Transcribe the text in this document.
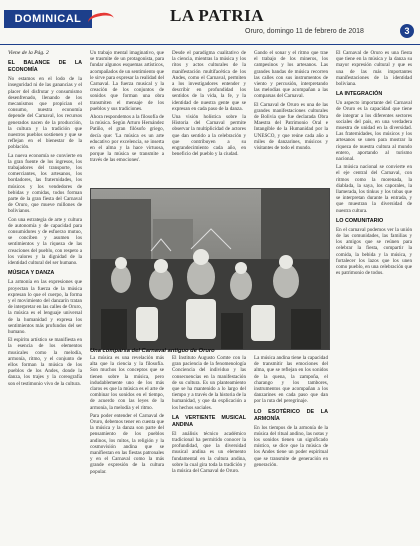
DOMINICAL	LA PATRIA
Oruro, domingo 11 de febrero de 2018	3

Viene de la Pág. 2

EL BALANCE DE LA ECONOMÍA

No estamos en el lodo de la inseguridad ni de las ganancias y el placer del disfrutar y consumismo desenfrenado, llenando de los mecanismos que propician el consumo, nuestra economía depende del Carnaval, los recursos generados nacen de la producción, la cultura y la tradición que nuestros pueblos sostienen y que se reflejan en el bienestar de la población.

La nueva economía se convierte en la gran fuente de los ingresos, los trabajadores del transporte, los comerciantes, los artesanos, los bordadores, las fraternidades, los músicos y los vendedores de bebidas y comidas, todos forman parte de la gran fiesta del Carnaval de Oruro, que mueve millones de bolivianos.

Con una estrategia de arte y cultura de autonomía y de capacidad para consumidores y de esfuerzo mutuo, se conciben y asumen los sentimientos y la riqueza de las creaciones del pueblo, con respeto a los valores y la dignidad de la identidad cultural del ser humano.

MÚSICA Y DANZA

La armonía en las expresiones que proyectan la fuerza de la música expresan lo que el cuerpo, la forma y el movimiento del danzarín tratan de interpretar en las calles de Oruro, la música es el lenguaje universal de la humanidad y expresa los sentimientos más profundos del ser humano.

El espíritu artístico se manifiesta en la esencia de los elementos musicales como la melodía, armonía, ritmo, y el conjunto de ellos forman la música de los pueblos de los Andes, donde la danza, los trajes y la coreografía son el testimonio vivo de la cultura.

Un trabajo mental imaginativo, que se trasmite de un protagonista, para fundar algunos esquemas artísticos, acompañados de un sentimiento que le sirve para expresar la realidad del Carnaval. La fuerza musical y la creación de los conjuntos de sonidos que forman una obra transmiten el mensaje de los pueblos y sus tradiciones.

Ahora respondemos a la filosofía de la música. Según Arturo Hernández Patiño, el gran filósofo griego, decía que: 'La música es un arte educativo por excelencia, se inserta en el alma y la hace virtuosa, porque la música se transmite a través de las emociones'.

Desde el paradigma cualitativo de la ciencia, mientras la música y los ritos y actos culturales de la manifestación multifacética de los Andes, como el Carnaval, permiten a los investigadores entender y describir en profundidad los sentidos de la vida, la fe, y la identidad de nuestra gente que se expresan en cada paso de la danza.

Una visión holística sobre la Historia del Carnaval permite observar la multiplicidad de actores que dan sentido a la celebración y que contribuyen a su engrandecimiento cada año, en beneficio del pueblo y la ciudad.

Gando el sonar y el ritmo que trae el trabajo de los mineros, los campesinos y los artesanos. Las grandes bandas de música recorren las calles con sus instrumentos de viento y percusión, interpretando las melodías que acompañan a las comparsas del Carnaval.

El Carnaval de Oruro es una de las grandes manifestaciones culturales de Bolivia que fue declarada Obra Maestra del Patrimonio Oral e Intangible de la Humanidad por la UNESCO, y que reúne cada año a miles de danzarines, músicos y visitantes de todo el mundo.

El Carnaval de Oruro es una fiesta que tiene en la música y la danza su mayor expresión cultural y que es una de las más importantes manifestaciones de la identidad boliviana.

LA INTEGRACIÓN

Un aspecto importante del Carnaval de Oruro es la capacidad que tiene de integrar a los diferentes sectores sociales del país, en una verdadera muestra de unidad en la diversidad. Las fraternidades, los músicos y los artesanos se unen para mostrar la riqueza de nuestra cultura al mundo entero, aportando al turismo nacional.

La música nacional se convierte en el eje central del Carnaval, con ritmos como la morenada, la diablada, la saya, los caporales, la llamerada, los tinkus y los tobas que se interpretan durante la entrada, y que muestran la diversidad de nuestra cultura.

LO COMUNITARIO

En el carnaval podemos ver la unión de las comunidades, las familias y los amigos que se reúnen para celebrar la fiesta, compartir la comida, la bebida y la música, y fortalecer los lazos que los unen como pueblo, en una celebración que es patrimonio de todos.

Una comparsa del Carnaval antiguo de Oruro

La música es una revelación más alta que la ciencia y la filosofía. Son muchos los conceptos que se tienen sobre la música, pero indudablemente uno de los más claros es que la música es el arte de combinar los sonidos en el tiempo, de acuerdo con las leyes de la armonía, la melodía y el ritmo.

Para poder entender el Carnaval de Oruro, debemos tener en cuenta que la música y la danza son parte del pensamiento de los pueblos andinos, los mitos, la religión y la cosmovisión andina que se manifiestan en las fiestas patronales y en el Carnaval como la más grande expresión de la cultura popular.

El Instituto Augusto Comte con la gran paciencia de la fenomenología Conciencia del individuo y las consecuencias en la manifestación de su cultura. Es un planteamiento que se ha mantenido a lo largo del tiempo y a través de la historia de la humanidad, y que da explicación a los hechos sociales.

LA VERTIENTE MUSICAL ANDINA

El análisis técnico académico tradicional ha permitido conocer la profundidad, que la diversidad musical andina es un elemento fundamental en la cultura andina, sobre la cual gira toda la tradición y la música del Carnaval de Oruro.

La música andina tiene la capacidad de transmitir las emociones del alma, que se reflejan en los sonidos de la quena, la zampoña, el charango y los tambores, instrumentos que acompañan a los danzarines en cada paso que dan por la ruta del peregrinaje.

LO ESOTÉRICO DE LA ARMONÍA

En los tiempos de la armonía de la música del ritual andino, las notas y los sonidos tienen un significado místico, se dice que la música de los Andes tiene un poder espiritual que se transmite de generación en generación.
